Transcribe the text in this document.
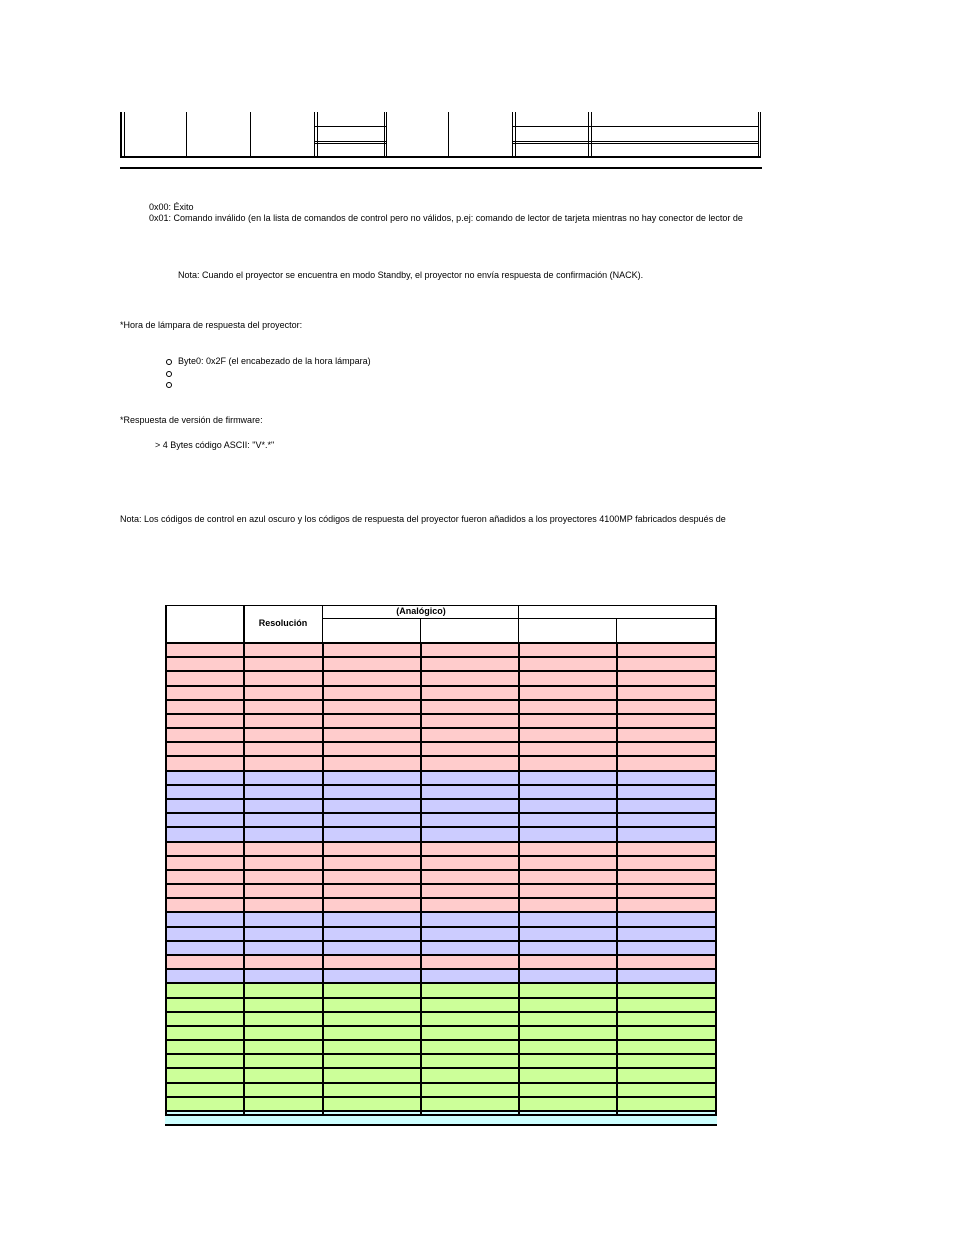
0x00: Éxito
0x01: Comando inválido (en la lista de comandos de control pero no válidos, p.ej: comando de lector de tarjeta mientras no hay conector de lector de
Nota: Cuando el proyector se encuentra en modo Standby, el proyector no envía respuesta de confirmación (NACK).
*Hora de lámpara de respuesta del proyector:
Byte0: 0x2F (el encabezado de la hora lámpara)
*Respuesta de versión de firmware:
> 4 Bytes código ASCII: "V*.*"
Nota: Los códigos de control en azul oscuro y los códigos de respuesta del proyector fueron añadidos a los proyectores 4100MP fabricados después de
Resolución
(Analógico)
